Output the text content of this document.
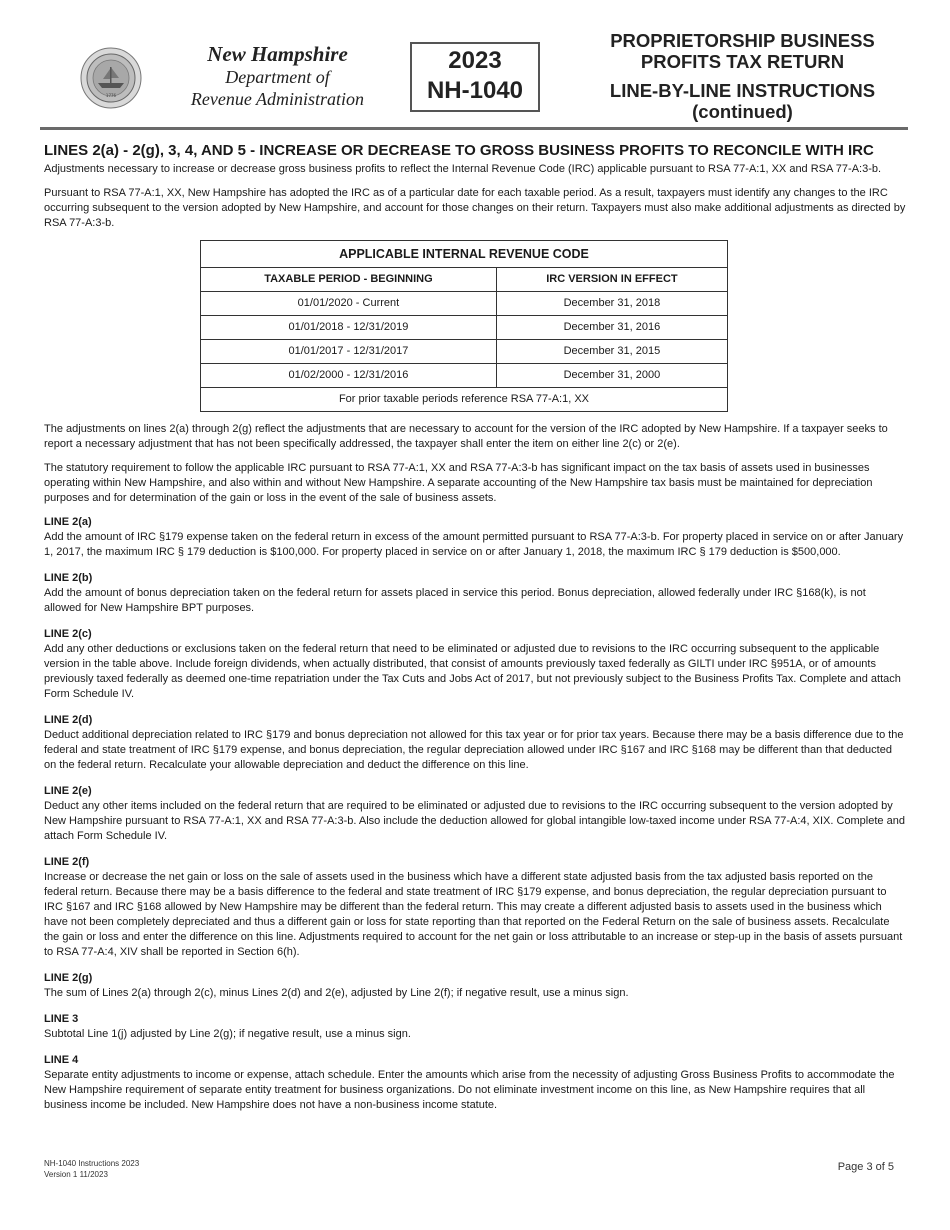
1776
New Hampshire
Department of
Revenue Administration
2023
NH-1040
PROPRIETORSHIP BUSINESS
PROFITS TAX RETURN
LINE-BY-LINE INSTRUCTIONS
(continued)
LINES 2(a) - 2(g), 3, 4, AND 5 - INCREASE OR DECREASE TO GROSS BUSINESS PROFITS TO RECONCILE WITH IRC

Adjustments necessary to increase or decrease gross business profits to reflect the Internal Revenue Code (IRC) applicable pursuant to RSA 77-A:1, XX and RSA 77-A:3-b.

Pursuant to RSA 77-A:1, XX, New Hampshire has adopted the IRC as of a particular date for each taxable period. As a result, taxpayers must identify any changes to the IRC occurring subsequent to the version adopted by New Hampshire, and account for those changes on their return. Taxpayers must also make additional adjustments as directed by RSA 77-A:3-b.

APPLICABLE INTERNAL REVENUE CODE	
TAXABLE PERIOD - BEGINNING	IRC VERSION IN EFFECT
01/01/2020 - Current	December 31, 2018
01/01/2018 - 12/31/2019	December 31, 2016
01/01/2017 - 12/31/2017	December 31, 2015
01/02/2000 - 12/31/2016	December 31, 2000
For prior taxable periods reference RSA 77-A:1, XX	

The adjustments on lines 2(a) through 2(g) reflect the adjustments that are necessary to account for the version of the IRC adopted by New Hampshire. If a taxpayer seeks to report a necessary adjustment that has not been specifically addressed, the taxpayer shall enter the item on either line 2(c) or 2(e).

The statutory requirement to follow the applicable IRC pursuant to RSA 77-A:1, XX and RSA 77-A:3-b has significant impact on the tax basis of assets used in businesses operating within New Hampshire, and also within and without New Hampshire. A separate accounting of the New Hampshire tax basis must be maintained for depreciation purposes and for determination of the gain or loss in the event of the sale of business assets.

LINE 2(a)
Add the amount of IRC §179 expense taken on the federal return in excess of the amount permitted pursuant to RSA 77-A:3-b. For property placed in service on or after January 1, 2017, the maximum IRC § 179 deduction is $100,000. For property placed in service on or after January 1, 2018, the maximum IRC § 179 deduction is $500,000.
LINE 2(b)
Add the amount of bonus depreciation taken on the federal return for assets placed in service this period. Bonus depreciation, allowed federally under IRC §168(k), is not allowed for New Hampshire BPT purposes.
LINE 2(c)
Add any other deductions or exclusions taken on the federal return that need to be eliminated or adjusted due to revisions to the IRC occurring subsequent to the applicable version in the table above. Include foreign dividends, when actually distributed, that consist of amounts previously taxed federally as GILTI under IRC §951A, or of amounts previously taxed federally as deemed one-time repatriation under the Tax Cuts and Jobs Act of 2017, but not previously subject to the Business Profits Tax. Complete and attach Form Schedule IV.
LINE 2(d)
Deduct additional depreciation related to IRC §179 and bonus depreciation not allowed for this tax year or for prior tax years. Because there may be a basis difference due to the federal and state treatment of IRC §179 expense, and bonus depreciation, the regular depreciation allowed under IRC §167 and IRC §168 may be different than that deducted on the federal return. Recalculate your allowable depreciation and deduct the difference on this line.
LINE 2(e)
Deduct any other items included on the federal return that are required to be eliminated or adjusted due to revisions to the IRC occurring subsequent to the version adopted by New Hampshire pursuant to RSA 77-A:1, XX and RSA 77-A:3-b. Also include the deduction allowed for global intangible low-taxed income under RSA 77-A:4, XIX. Complete and attach Form Schedule IV.
LINE 2(f)
Increase or decrease the net gain or loss on the sale of assets used in the business which have a different state adjusted basis from the tax adjusted basis reported on the federal return. Because there may be a basis difference to the federal and state treatment of IRC §179 expense, and bonus depreciation, the regular depreciation pursuant to IRC §167 and IRC §168 allowed by New Hampshire may be different than the federal return. This may create a different adjusted basis to assets used in the business which have not been completely depreciated and thus a different gain or loss for state reporting than that reported on the Federal Return on the sale of business assets. Recalculate the gain or loss and enter the difference on this line. Adjustments required to account for the net gain or loss attributable to an increase or step-up in the basis of assets pursuant to RSA 77-A:4, XIV shall be reported in Section 6(h).
LINE 2(g)
The sum of Lines 2(a) through 2(c), minus Lines 2(d) and 2(e), adjusted by Line 2(f); if negative result, use a minus sign.
LINE 3
Subtotal Line 1(j) adjusted by Line 2(g); if negative result, use a minus sign.
LINE 4
Separate entity adjustments to income or expense, attach schedule. Enter the amounts which arise from the necessity of adjusting Gross Business Profits to accommodate the New Hampshire requirement of separate entity treatment for business organizations. Do not eliminate investment income on this line, as New Hampshire requires that all business income be included. New Hampshire does not have a non-business income statute.
NH-1040 Instructions 2023
Version 1 11/2023
Page 3 of 5
